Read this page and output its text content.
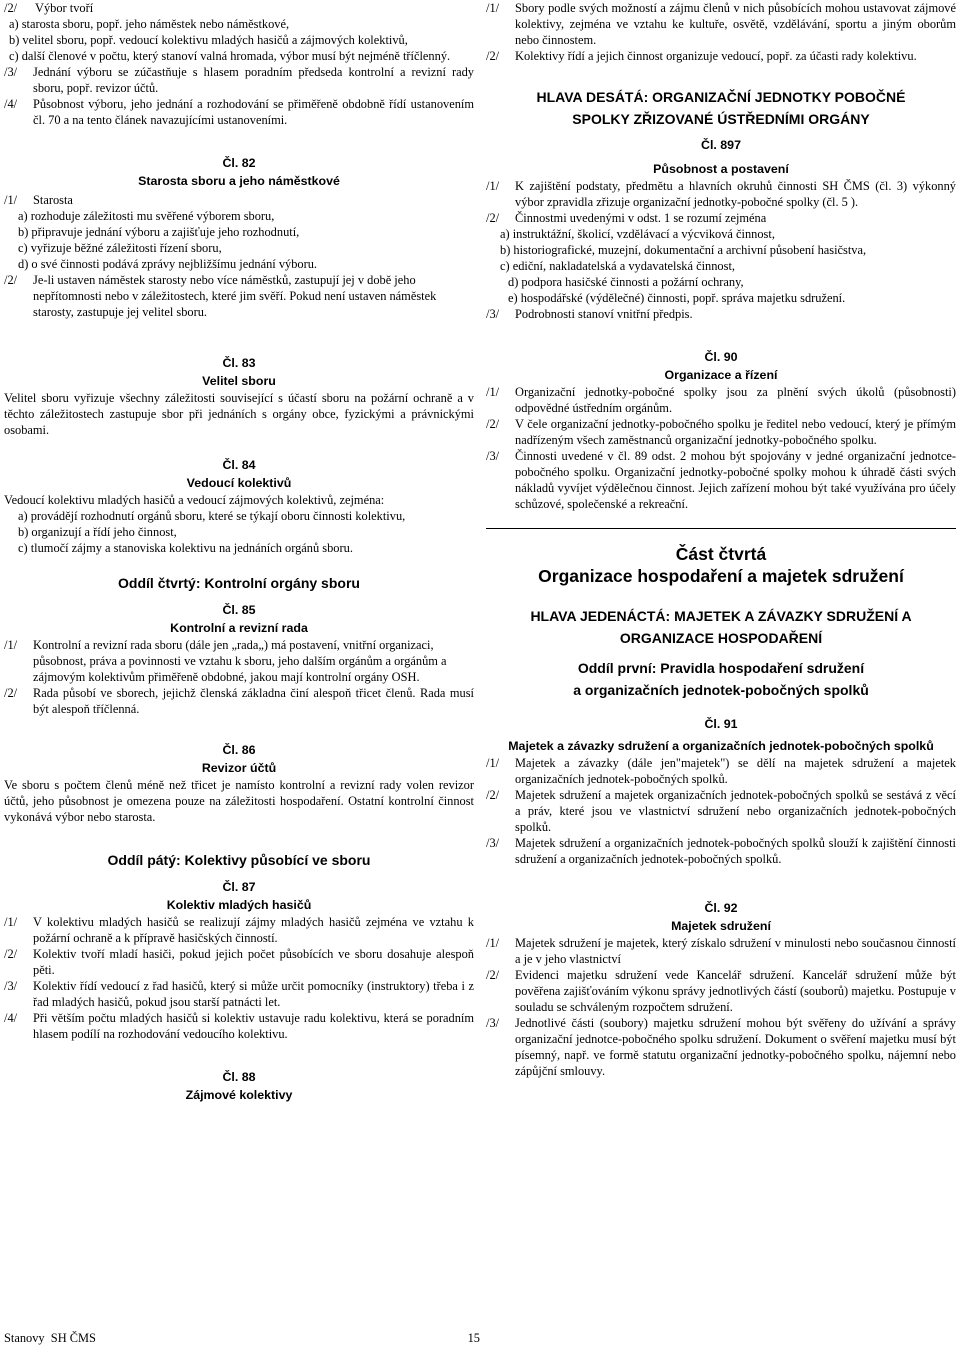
/2/	Výbor tvoří
a) starosta sboru, popř. jeho náměstek nebo náměstkové,
b) velitel sboru, popř. vedoucí kolektivu mladých hasičů a zájmových kolektivů,
c) další členové v počtu, který stanoví valná hromada, výbor musí být nejméně tříčlenný.
/3/	Jednání výboru se zúčastňuje s hlasem poradním předseda kontrolní a revizní rady sboru, popř. revizor účtů.
/4/	Působnost výboru, jeho jednání a rozhodování se přiměřeně obdobně řídí ustanovením čl. 70 a na tento článek navazujícími ustanoveními.
Čl. 82
Starosta sboru a jeho náměstkové
/1/	Starosta
a) rozhoduje záležitosti mu svěřené výborem sboru,
b) připravuje jednání výboru a zajišťuje jeho rozhodnutí,
c) vyřizuje běžné záležitosti řízení sboru,
d) o své činnosti podává zprávy nejbližšímu jednání výboru.
/2/	Je-li ustaven náměstek starosty nebo více náměstků, zastupují jej v době jeho nepřítomnosti nebo v záležitostech, které jim svěří. Pokud není ustaven náměstek starosty, zastupuje jej velitel sboru.
Čl. 83
Velitel sboru
Velitel sboru vyřizuje všechny záležitosti související s účastí sboru na požární ochraně a v těchto záležitostech zastupuje sbor při jednáních s orgány obce, fyzickými a právnickými osobami.
Čl. 84
Vedoucí kolektivů
Vedoucí kolektivu mladých hasičů a vedoucí zájmových kolektivů, zejména:
a) provádějí rozhodnutí orgánů sboru, které se týkají oboru činnosti kolektivu,
b) organizují a řídí jeho činnost,
c) tlumočí zájmy a stanoviska kolektivu na jednáních orgánů sboru.
Oddíl čtvrtý: Kontrolní orgány sboru
Čl. 85
Kontrolní a revizní rada
/1/	Kontrolní a revizní rada sboru (dále jen „rada„) má postavení, vnitřní organizaci, působnost, práva a povinnosti ve vztahu k sboru, jeho dalším orgánům a orgánům a zájmovým kolektivům přiměřeně obdobné, jakou mají kontrolní orgány OSH.
/2/	Rada působí ve sborech, jejichž členská základna činí alespoň třicet členů. Rada musí být alespoň tříčlenná.
Čl. 86
Revizor účtů
Ve sboru s počtem členů méně než třicet je namísto kontrolní a revizní rady volen revizor účtů, jeho působnost je omezena pouze na záležitosti hospodaření. Ostatní kontrolní činnost vykonává výbor nebo starosta.
Oddíl pátý: Kolektivy působící ve sboru
Čl. 87
Kolektiv mladých hasičů
/1/	V kolektivu mladých hasičů se realizují zájmy mladých hasičů zejména ve vztahu k požární ochraně a k přípravě hasičských činností.
/2/	Kolektiv tvoří mladí hasiči, pokud jejich počet působících ve sboru dosahuje alespoň pěti.
/3/	Kolektiv řídí vedoucí z řad hasičů, který si může určit pomocníky (instruktory) třeba i z řad mladých hasičů, pokud jsou starší patnácti let.
/4/	Při větším počtu mladých hasičů si kolektiv ustavuje radu kolektivu, která se poradním hlasem podílí na rozhodování vedoucího kolektivu.
Čl. 88
Zájmové kolektivy
/1/	Sbory podle svých možností a zájmu členů v nich působících mohou ustavovat zájmové kolektivy, zejména ve vztahu ke kultuře, osvětě, vzdělávání, sportu a jiným oborům nebo činnostem.
/2/	Kolektivy řídí a jejich činnost organizuje vedoucí, popř. za účasti rady kolektivu.
HLAVA DESÁTÁ: ORGANIZAČNÍ JEDNOTKY POBOČNÉ SPOLKY ZŘIZOVANÉ ÚSTŘEDNÍMI ORGÁNY
Čl. 897
Působnost a postavení
/1/	K zajištění podstaty, předmětu a hlavních okruhů činnosti SH ČMS (čl. 3) výkonný výbor zpravidla zřizuje organizační jednotky-pobočné spolky (čl. 5 ).
/2/	Činnostmi uvedenými v odst. 1 se rozumí zejména
a) instruktážní, školicí, vzdělávací a výcviková činnost,
b) historiografické, muzejní, dokumentační a archivní působení hasičstva,
c) ediční, nakladatelská a vydavatelská činnost,
d) podpora hasičské činnosti a požární ochrany,
e) hospodářské (výdělečné) činnosti, popř. správa majetku sdružení.
/3/	Podrobnosti stanoví vnitřní předpis.
Čl. 90
Organizace a řízení
/1/	Organizační jednotky-pobočné spolky jsou za plnění svých úkolů (působnosti) odpovědné ústředním orgánům.
/2/	V čele organizační jednotky-pobočného spolku je ředitel nebo vedoucí, který je přímým nadřízeným všech zaměstnanců organizační jednotky-pobočného spolku.
/3/	Činnosti uvedené v čl. 89 odst. 2 mohou být spojovány v jedné organizační jednotce-pobočného spolku. Organizační jednotky-pobočné spolky mohou k úhradě části svých nákladů vyvíjet výdělečnou činnost. Jejich zařízení mohou být také využívána pro účely schůzové, společenské a rekreační.
Část čtvrtá
Organizace hospodaření a majetek sdružení
HLAVA JEDENÁCTÁ: MAJETEK A ZÁVAZKY SDRUŽENÍ A ORGANIZACE HOSPODAŘENÍ
Oddíl první: Pravidla hospodaření sdružení
a organizačních jednotek-pobočných spolků
Čl. 91
Majetek a závazky sdružení a organizačních jednotek-pobočných spolků
/1/	Majetek a závazky (dále jen"majetek") se dělí na majetek sdružení a majetek organizačních jednotek-pobočných spolků.
/2/	Majetek sdružení a majetek organizačních jednotek-pobočných spolků se sestává z věcí a práv, které jsou ve vlastnictví sdružení nebo organizačních jednotek-pobočných spolků.
/3/	Majetek sdružení a organizačních jednotek-pobočných spolků slouží k zajištění činnosti sdružení a organizačních jednotek-pobočných spolků.
Čl. 92
Majetek sdružení
/1/	Majetek sdružení je majetek, který získalo sdružení v minulosti nebo současnou činností a je v jeho vlastnictví
/2/	Evidenci majetku sdružení vede Kancelář sdružení. Kancelář sdružení může být pověřena zajišťováním výkonu správy jednotlivých částí (souborů) majetku. Postupuje v souladu se schváleným rozpočtem sdružení.
/3/	Jednotlivé části (soubory) majetku sdružení mohou být svěřeny do užívání a správy organizační jednotce-pobočného spolku sdružení. Dokument o svěření majetku musí být písemný, např. ve formě statutu organizační jednotky-pobočného spolku, nájemní nebo zápůjční smlouvy.
Stanovy  SH ČMS	15
